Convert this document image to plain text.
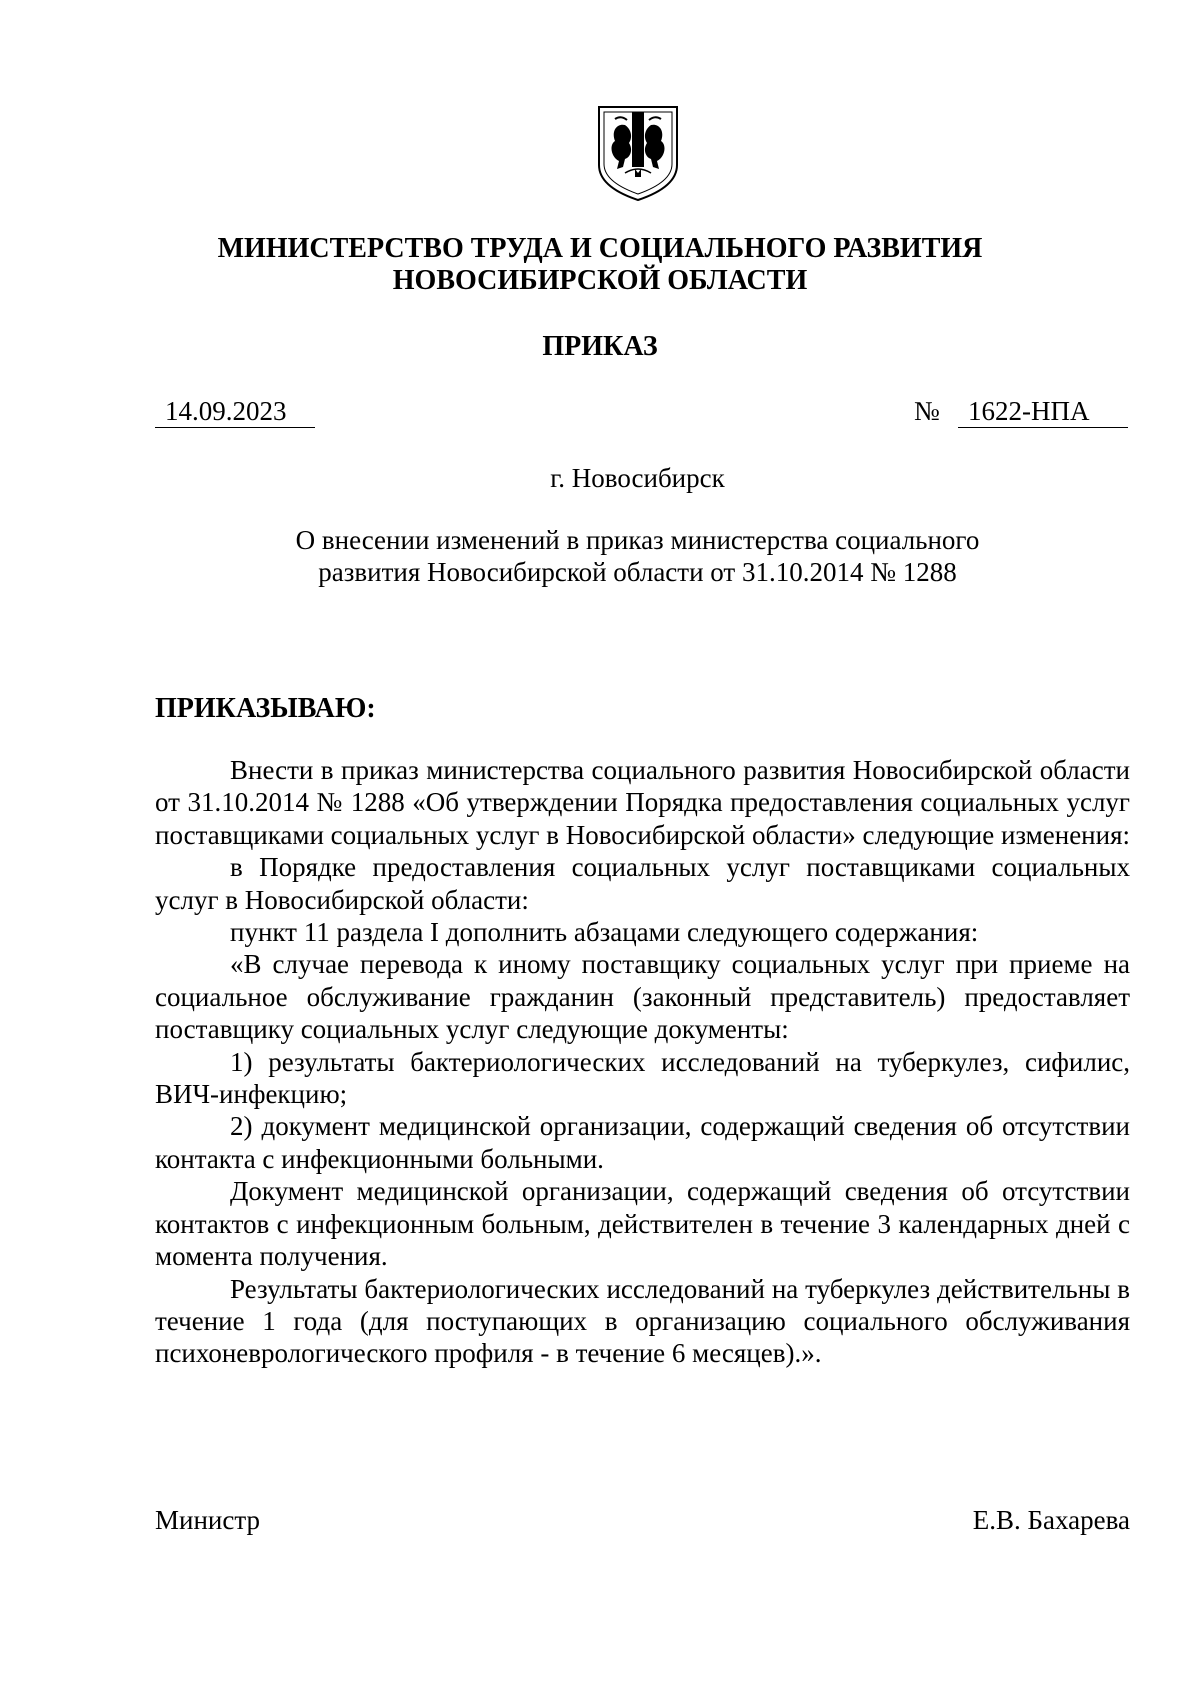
МИНИСТЕРСТВО ТРУДА И СОЦИАЛЬНОГО РАЗВИТИЯ
НОВОСИБИРСКОЙ ОБЛАСТИ
ПРИКАЗ
14.09.2023	№ 1622-НПА
г. Новосибирск
О внесении изменений в приказ министерства социального
развития Новосибирской области от 31.10.2014 № 1288
ПРИКАЗЫВАЮ:

Внести в приказ министерства социального развития Новосибирской области от 31.10.2014 № 1288 «Об утверждении Порядка предоставления социальных услуг поставщиками социальных услуг в Новосибирской области» следующие изменения:

в Порядке предоставления социальных услуг поставщиками социальных услуг в Новосибирской области:

пункт 11 раздела I дополнить абзацами следующего содержания:

«В случае перевода к иному поставщику социальных услуг при приеме на социальное обслуживание гражданин (законный представитель) предоставляет поставщику социальных услуг следующие документы:

1) результаты бактериологических исследований на туберкулез, сифилис, ВИЧ-инфекцию;

2) документ медицинской организации, содержащий сведения об отсутствии контакта с инфекционными больными.

Документ медицинской организации, содержащий сведения об отсутствии контактов с инфекционным больным, действителен в течение 3 календарных дней с момента получения.

Результаты бактериологических исследований на туберкулез действительны в течение 1 года (для поступающих в организацию социального обслуживания психоневрологического профиля - в течение 6 месяцев).».

Министр	Е.В. Бахарева
